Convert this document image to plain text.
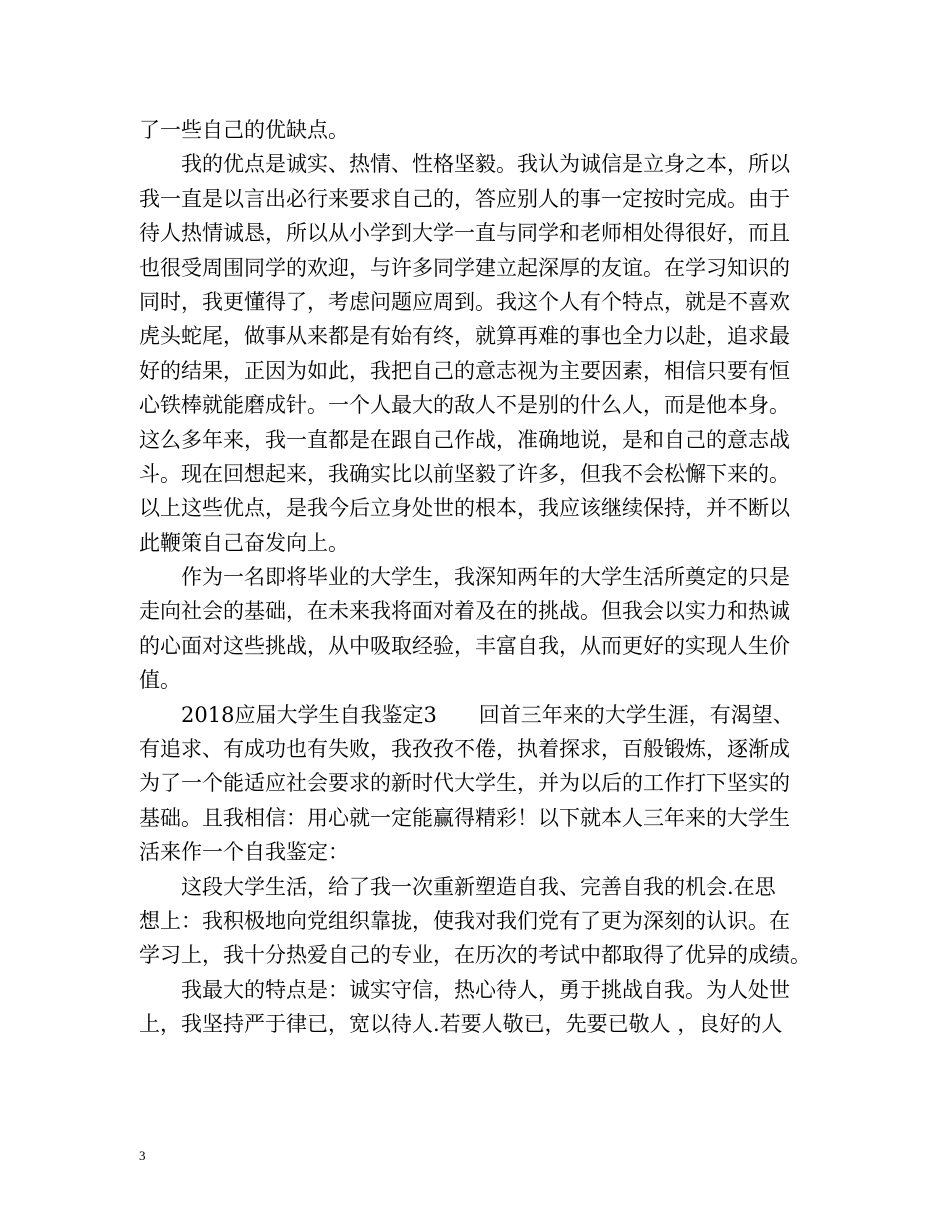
了一些自己的优缺点。
我的优点是诚实、热情、性格坚毅。我认为诚信是立身之本，所以
我一直是以言出必行来要求自己的，答应别人的事一定按时完成。由于
待人热情诚恳，所以从小学到大学一直与同学和老师相处得很好，而且
也很受周围同学的欢迎，与许多同学建立起深厚的友谊。在学习知识的
同时，我更懂得了，考虑问题应周到。我这个人有个特点，就是不喜欢
虎头蛇尾，做事从来都是有始有终，就算再难的事也全力以赴，追求最
好的结果，正因为如此，我把自己的意志视为主要因素，相信只要有恒
心铁棒就能磨成针。一个人最大的敌人不是别的什么人，而是他本身。
这么多年来，我一直都是在跟自己作战，准确地说，是和自己的意志战
斗。现在回想起来，我确实比以前坚毅了许多，但我不会松懈下来的。
以上这些优点，是我今后立身处世的根本，我应该继续保持，并不断以
此鞭策自己奋发向上。
作为一名即将毕业的大学生，我深知两年的大学生活所奠定的只是
走向社会的基础，在未来我将面对着及在的挑战。但我会以实力和热诚
的心面对这些挑战，从中吸取经验，丰富自我，从而更好的实现人生价
值。
2018应届大学生自我鉴定3　　回首三年来的大学生涯，有渴望、
有追求、有成功也有失败，我孜孜不倦，执着探求，百般锻炼，逐渐成
为了一个能适应社会要求的新时代大学生，并为以后的工作打下坚实的
基础。且我相信：用心就一定能赢得精彩！以下就本人三年来的大学生
活来作一个自我鉴定：
这段大学生活，给了我一次重新塑造自我、完善自我的机会.在思
想上：我积极地向党组织靠拢，使我对我们党有了更为深刻的认识。在
学习上，我十分热爱自己的专业，在历次的考试中都取得了优异的成绩。
我最大的特点是：诚实守信，热心待人，勇于挑战自我。为人处世
上，我坚持严于律已，宽以待人.若要人敬已，先要已敬人 ，良好的人
3
